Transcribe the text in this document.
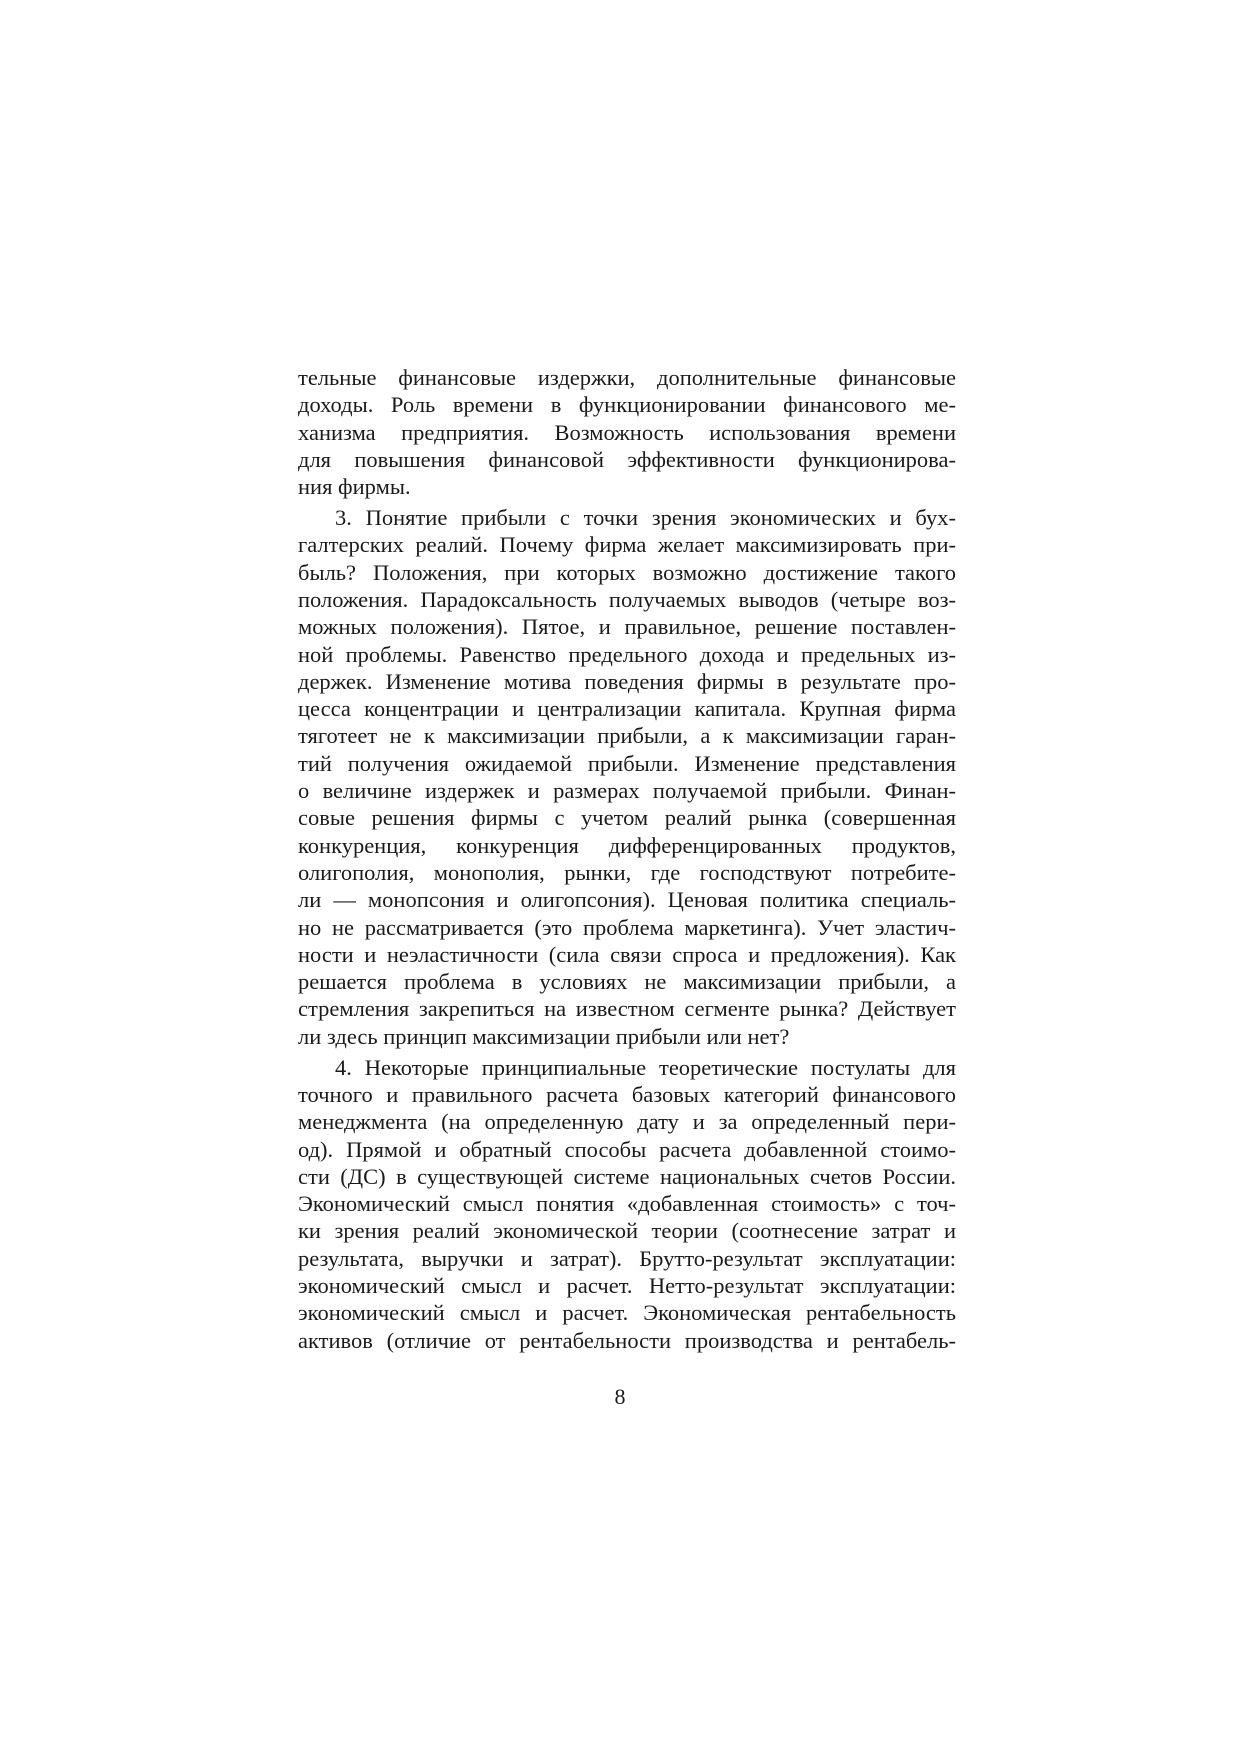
тельные финансовые издержки, дополнительные финансовые
доходы. Роль времени в функционировании финансового ме-
ханизма предприятия. Возможность использования времени
для повышения финансовой эффективности функционирова-
ния фирмы.
3. Понятие прибыли с точки зрения экономических и бух-
галтерских реалий. Почему фирма желает максимизировать при-
быль? Положения, при которых возможно достижение такого
положения. Парадоксальность получаемых выводов (четыре воз-
можных положения). Пятое, и правильное, решение поставлен-
ной проблемы. Равенство предельного дохода и предельных из-
держек. Изменение мотива поведения фирмы в результате про-
цесса концентрации и централизации капитала. Крупная фирма
тяготеет не к максимизации прибыли, а к максимизации гаран-
тий получения ожидаемой прибыли. Изменение представления
о величине издержек и размерах получаемой прибыли. Финан-
совые решения фирмы с учетом реалий рынка (совершенная
конкуренция, конкуренция дифференцированных продуктов,
олигополия, монополия, рынки, где господствуют потребите-
ли — монопсония и олигопсония). Ценовая политика специаль-
но не рассматривается (это проблема маркетинга). Учет эластич-
ности и неэластичности (сила связи спроса и предложения). Как
решается проблема в условиях не максимизации прибыли, а
стремления закрепиться на известном сегменте рынка? Действует
ли здесь принцип максимизации прибыли или нет?
4. Некоторые принципиальные теоретические постулаты для
точного и правильного расчета базовых категорий финансового
менеджмента (на определенную дату и за определенный пери-
од). Прямой и обратный способы расчета добавленной стоимо-
сти (ДС) в существующей системе национальных счетов России.
Экономический смысл понятия «добавленная стоимость» с точ-
ки зрения реалий экономической теории (соотнесение затрат и
результата, выручки и затрат). Брутто-результат эксплуатации:
экономический смысл и расчет. Нетто-результат эксплуатации:
экономический смысл и расчет. Экономическая рентабельность
активов (отличие от рентабельности производства и рентабель-
8
